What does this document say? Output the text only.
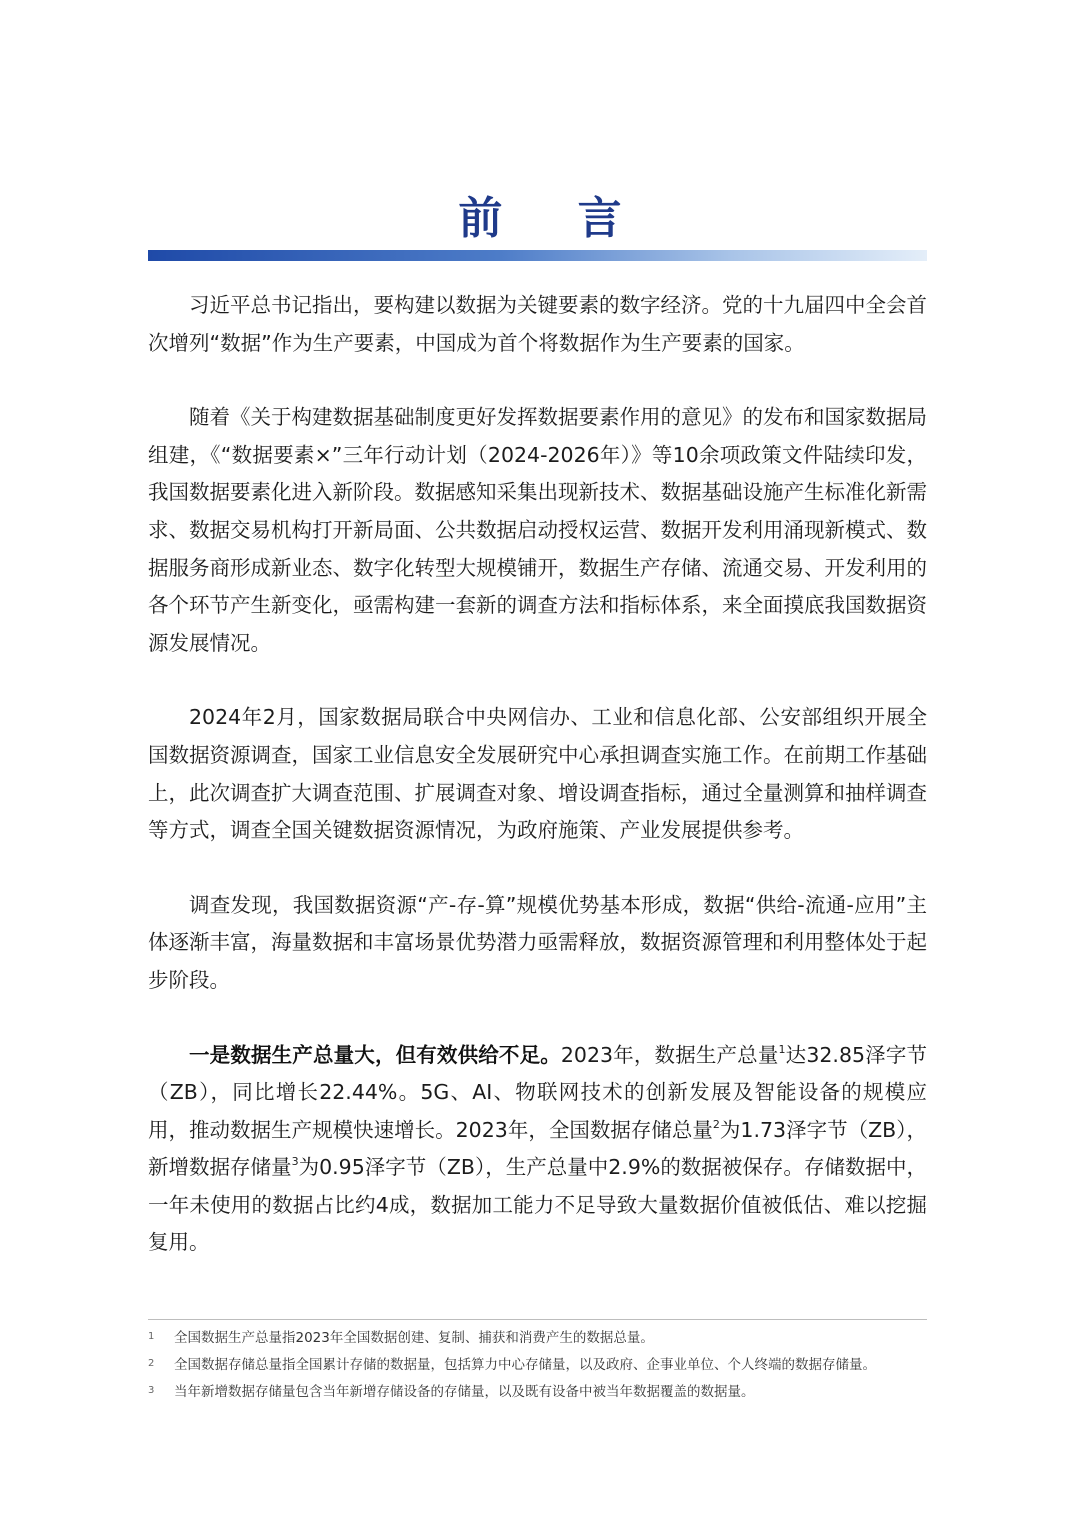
前 言

习近平总书记指出，要构建以数据为关键要素的数字经济。党的十九届四中全会首次增列“数据”作为生产要素，中国成为首个将数据作为生产要素的国家。

随着《关于构建数据基础制度更好发挥数据要素作用的意见》的发布和国家数据局组建，《“数据要素×”三年行动计划（2024-2026年）》等10余项政策文件陆续印发，我国数据要素化进入新阶段。数据感知采集出现新技术、数据基础设施产生标准化新需求、数据交易机构打开新局面、公共数据启动授权运营、数据开发利用涌现新模式、数据服务商形成新业态、数字化转型大规模铺开，数据生产存储、流通交易、开发利用的各个环节产生新变化，亟需构建一套新的调查方法和指标体系，来全面摸底我国数据资源发展情况。

2024年2月，国家数据局联合中央网信办、工业和信息化部、公安部组织开展全国数据资源调查，国家工业信息安全发展研究中心承担调查实施工作。在前期工作基础上，此次调查扩大调查范围、扩展调查对象、增设调查指标，通过全量测算和抽样调查等方式，调查全国关键数据资源情况，为政府施策、产业发展提供参考。

调查发现，我国数据资源“产-存-算”规模优势基本形成，数据“供给-流通-应用”主体逐渐丰富，海量数据和丰富场景优势潜力亟需释放，数据资源管理和利用整体处于起步阶段。

一是数据生产总量大，但有效供给不足。2023年，数据生产总量$^1$达32.85泽字节（ZB），同比增长22.44%。5G、AI、物联网技术的创新发展及智能设备的规模应用，推动数据生产规模快速增长。2023年，全国数据存储总量$^2$为1.73泽字节（ZB），新增数据存储量$^3$为0.95泽字节（ZB），生产总量中2.9%的数据被保存。存储数据中，一年未使用的数据占比约4成，数据加工能力不足导致大量数据价值被低估、难以挖掘复用。

1	全国数据生产总量指2023年全国数据创建、复制、捕获和消费产生的数据总量。
2	全国数据存储总量指全国累计存储的数据量，包括算力中心存储量，以及政府、企事业单位、个人终端的数据存储量。
3	当年新增数据存储量包含当年新增存储设备的存储量，以及既有设备中被当年数据覆盖的数据量。
